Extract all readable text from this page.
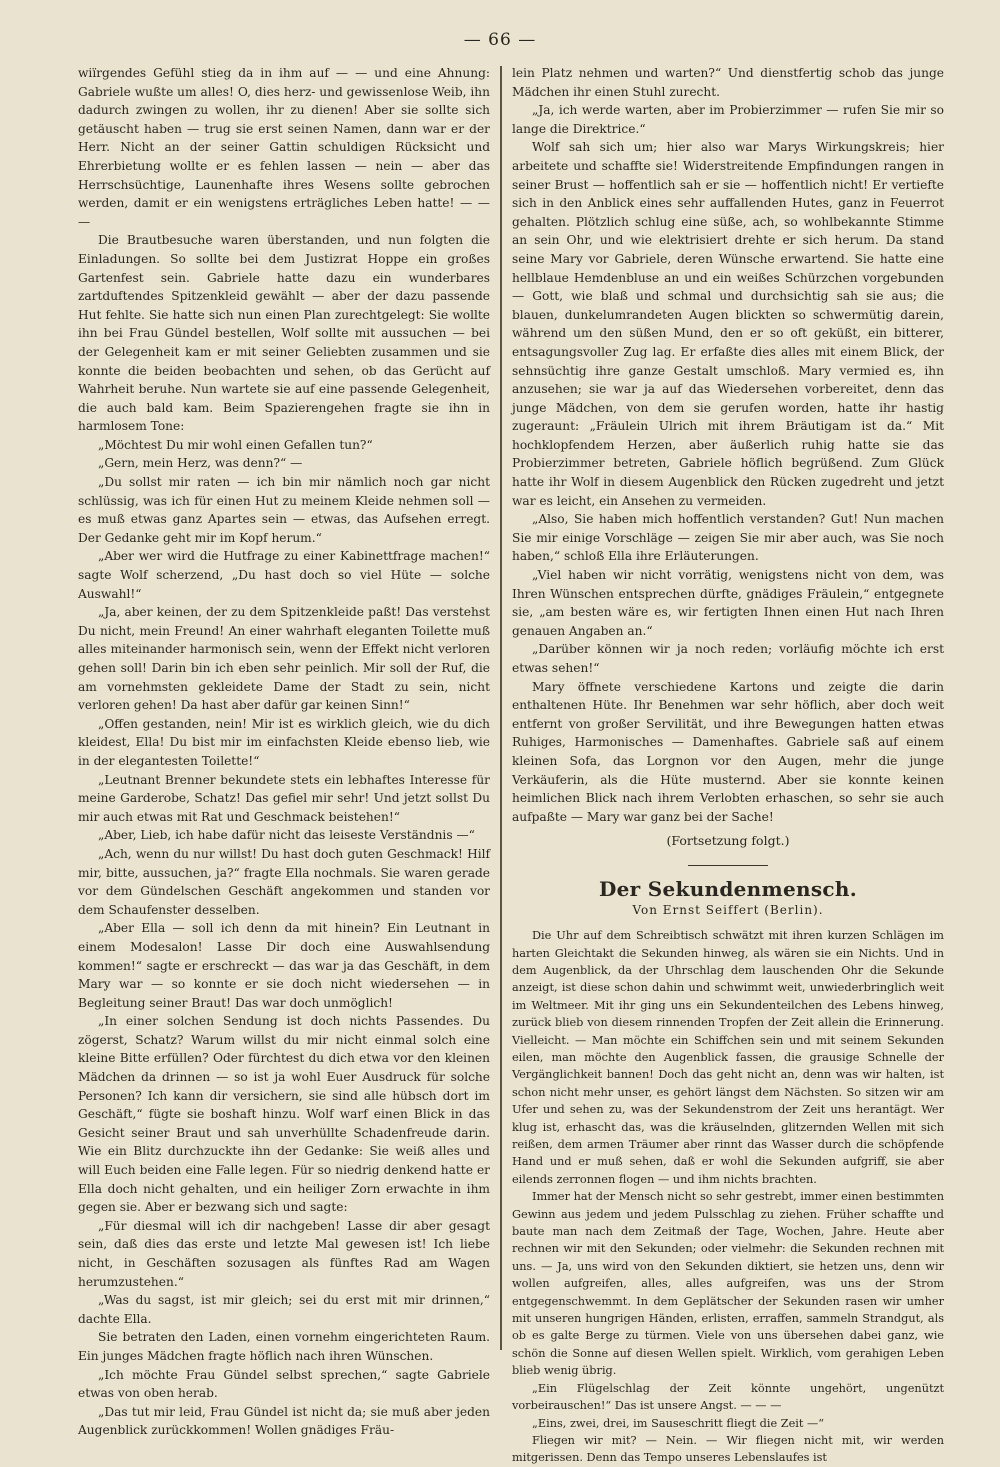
— 66 —

wiïrgendes Gefühl stieg da in ihm auf — — und eine Ahnung: Gabriele wußte um alles! O, dies herz- und gewissenlose Weib, ihn dadurch zwingen zu wollen, ihr zu dienen! Aber sie sollte sich getäuscht haben — trug sie erst seinen Namen, dann war er der Herr. Nicht an der seiner Gattin schuldigen Rücksicht und Ehrerbietung wollte er es fehlen lassen — nein — aber das Herrschsüchtige, Launenhafte ihres Wesens sollte gebrochen werden, damit er ein wenigstens erträgliches Leben hatte! — — —

Die Brautbesuche waren überstanden, und nun folgten die Einladungen. So sollte bei dem Justizrat Hoppe ein großes Gartenfest sein. Gabriele hatte dazu ein wunderbares zartduftendes Spitzenkleid gewählt — aber der dazu passende Hut fehlte. Sie hatte sich nun einen Plan zurechtgelegt: Sie wollte ihn bei Frau Gündel bestellen, Wolf sollte mit aussuchen — bei der Gelegenheit kam er mit seiner Geliebten zusammen und sie konnte die beiden beobachten und sehen, ob das Gerücht auf Wahrheit beruhe. Nun wartete sie auf eine passende Gelegenheit, die auch bald kam. Beim Spazierengehen fragte sie ihn in harmlosem Tone:

„Möchtest Du mir wohl einen Gefallen tun?“

„Gern, mein Herz, was denn?“ —

„Du sollst mir raten — ich bin mir nämlich noch gar nicht schlüssig, was ich für einen Hut zu meinem Kleide nehmen soll — es muß etwas ganz Apartes sein — etwas, das Aufsehen erregt. Der Gedanke geht mir im Kopf herum.“

„Aber wer wird die Hutfrage zu einer Kabinettfrage machen!“ sagte Wolf scherzend, „Du hast doch so viel Hüte — solche Auswahl!“

„Ja, aber keinen, der zu dem Spitzenkleide paßt! Das verstehst Du nicht, mein Freund! An einer wahrhaft eleganten Toilette muß alles miteinander harmonisch sein, wenn der Effekt nicht verloren gehen soll! Darin bin ich eben sehr peinlich. Mir soll der Ruf, die am vornehmsten gekleidete Dame der Stadt zu sein, nicht verloren gehen! Da hast aber dafür gar keinen Sinn!“

„Offen gestanden, nein! Mir ist es wirklich gleich, wie du dich kleidest, Ella! Du bist mir im einfachsten Kleide ebenso lieb, wie in der elegantesten Toilette!“

„Leutnant Brenner bekundete stets ein lebhaftes Interesse für meine Garderobe, Schatz! Das gefiel mir sehr! Und jetzt sollst Du mir auch etwas mit Rat und Geschmack beistehen!“

„Aber, Lieb, ich habe dafür nicht das leiseste Verständnis —“

„Ach, wenn du nur willst! Du hast doch guten Geschmack! Hilf mir, bitte, aussuchen, ja?“ fragte Ella nochmals. Sie waren gerade vor dem Gündelschen Geschäft angekommen und standen vor dem Schaufenster desselben.

„Aber Ella — soll ich denn da mit hinein? Ein Leutnant in einem Modesalon! Lasse Dir doch eine Auswahlsendung kommen!“ sagte er erschreckt — das war ja das Geschäft, in dem Mary war — so konnte er sie doch nicht wiedersehen — in Begleitung seiner Braut! Das war doch unmöglich!

„In einer solchen Sendung ist doch nichts Passendes. Du zögerst, Schatz? Warum willst du mir nicht einmal solch eine kleine Bitte erfüllen? Oder fürchtest du dich etwa vor den kleinen Mädchen da drinnen — so ist ja wohl Euer Ausdruck für solche Personen? Ich kann dir versichern, sie sind alle hübsch dort im Geschäft,“ fügte sie boshaft hinzu. Wolf warf einen Blick in das Gesicht seiner Braut und sah unverhüllte Schadenfreude darin. Wie ein Blitz durchzuckte ihn der Gedanke: Sie weiß alles und will Euch beiden eine Falle legen. Für so niedrig denkend hatte er Ella doch nicht gehalten, und ein heiliger Zorn erwachte in ihm gegen sie. Aber er bezwang sich und sagte:

„Für diesmal will ich dir nachgeben! Lasse dir aber gesagt sein, daß dies das erste und letzte Mal gewesen ist! Ich liebe nicht, in Geschäften sozusagen als fünftes Rad am Wagen herumzustehen.“

„Was du sagst, ist mir gleich; sei du erst mit mir drinnen,“ dachte Ella.

Sie betraten den Laden, einen vornehm eingerichteten Raum. Ein junges Mädchen fragte höflich nach ihren Wünschen.

„Ich möchte Frau Gündel selbst sprechen,“ sagte Gabriele etwas von oben herab.

„Das tut mir leid, Frau Gündel ist nicht da; sie muß aber jeden Augenblick zurückkommen! Wollen gnädiges Fräu-

lein Platz nehmen und warten?“ Und dienstfertig schob das junge Mädchen ihr einen Stuhl zurecht.

„Ja, ich werde warten, aber im Probierzimmer — rufen Sie mir so lange die Direktrice.“

Wolf sah sich um; hier also war Marys Wirkungskreis; hier arbeitete und schaffte sie! Widerstreitende Empfindungen rangen in seiner Brust — hoffentlich sah er sie — hoffentlich nicht! Er vertiefte sich in den Anblick eines sehr auffallenden Hutes, ganz in Feuerrot gehalten. Plötzlich schlug eine süße, ach, so wohlbekannte Stimme an sein Ohr, und wie elektrisiert drehte er sich herum. Da stand seine Mary vor Gabriele, deren Wünsche erwartend. Sie hatte eine hellblaue Hemdenbluse an und ein weißes Schürzchen vorgebunden — Gott, wie blaß und schmal und durchsichtig sah sie aus; die blauen, dunkelumrandeten Augen blickten so schwermütig darein, während um den süßen Mund, den er so oft geküßt, ein bitterer, entsagungsvoller Zug lag. Er erfaßte dies alles mit einem Blick, der sehnsüchtig ihre ganze Gestalt umschloß. Mary vermied es, ihn anzusehen; sie war ja auf das Wiedersehen vorbereitet, denn das junge Mädchen, von dem sie gerufen worden, hatte ihr hastig zugeraunt: „Fräulein Ulrich mit ihrem Bräutigam ist da.“ Mit hochklopfendem Herzen, aber äußerlich ruhig hatte sie das Probierzimmer betreten, Gabriele höflich begrüßend. Zum Glück hatte ihr Wolf in diesem Augenblick den Rücken zugedreht und jetzt war es leicht, ein Ansehen zu vermeiden.

„Also, Sie haben mich hoffentlich verstanden? Gut! Nun machen Sie mir einige Vorschläge — zeigen Sie mir aber auch, was Sie noch haben,“ schloß Ella ihre Erläuterungen.

„Viel haben wir nicht vorrätig, wenigstens nicht von dem, was Ihren Wünschen entsprechen dürfte, gnädiges Fräulein,“ entgegnete sie, „am besten wäre es, wir fertigten Ihnen einen Hut nach Ihren genauen Angaben an.“

„Darüber können wir ja noch reden; vorläufig möchte ich erst etwas sehen!“

Mary öffnete verschiedene Kartons und zeigte die darin enthaltenen Hüte. Ihr Benehmen war sehr höflich, aber doch weit entfernt von großer Servilität, und ihre Bewegungen hatten etwas Ruhiges, Harmonisches — Damenhaftes. Gabriele saß auf einem kleinen Sofa, das Lorgnon vor den Augen, mehr die junge Verkäuferin, als die Hüte musternd. Aber sie konnte keinen heimlichen Blick nach ihrem Verlobten erhaschen, so sehr sie auch aufpaßte — Mary war ganz bei der Sache!

(Fortsetzung folgt.)
Der Sekundenmensch.
Von Ernst Seiffert (Berlin).

Die Uhr auf dem Schreibtisch schwätzt mit ihren kurzen Schlägen im harten Gleichtakt die Sekunden hinweg, als wären sie ein Nichts. Und in dem Augenblick, da der Uhrschlag dem lauschenden Ohr die Sekunde anzeigt, ist diese schon dahin und schwimmt weit, unwiederbringlich weit im Weltmeer. Mit ihr ging uns ein Sekundenteilchen des Lebens hinweg, zurück blieb von diesem rinnenden Tropfen der Zeit allein die Erinnerung. Vielleicht. — Man möchte ein Schiffchen sein und mit seinem Sekunden eilen, man möchte den Augenblick fassen, die grausige Schnelle der Vergänglichkeit bannen! Doch das geht nicht an, denn was wir halten, ist schon nicht mehr unser, es gehört längst dem Nächsten. So sitzen wir am Ufer und sehen zu, was der Sekundenstrom der Zeit uns herantägt. Wer klug ist, erhascht das, was die kräuselnden, glitzernden Wellen mit sich reißen, dem armen Träumer aber rinnt das Wasser durch die schöpfende Hand und er muß sehen, daß er wohl die Sekunden aufgriff, sie aber eilends zerronnen flogen — und ihm nichts brachten.

Immer hat der Mensch nicht so sehr gestrebt, immer einen bestimmten Gewinn aus jedem und jedem Pulsschlag zu ziehen. Früher schaffte und baute man nach dem Zeitmaß der Tage, Wochen, Jahre. Heute aber rechnen wir mit den Sekunden; oder vielmehr: die Sekunden rechnen mit uns. — Ja, uns wird von den Sekunden diktiert, sie hetzen uns, denn wir wollen aufgreifen, alles, alles aufgreifen, was uns der Strom entgegenschwemmt. In dem Geplätscher der Sekunden rasen wir umher mit unseren hungrigen Händen, erlisten, erraffen, sammeln Strandgut, als ob es galte Berge zu türmen. Viele von uns übersehen dabei ganz, wie schön die Sonne auf diesen Wellen spielt. Wirklich, vom gerahigen Leben blieb wenig übrig.

„Ein Flügelschlag der Zeit könnte ungehört, ungenützt vorbeirauschen!“ Das ist unsere Angst. — — —

„Eins, zwei, drei, im Sauseschritt fliegt die Zeit —“

Fliegen wir mit? — Nein. — Wir fliegen nicht mit, wir werden mitgerissen. Denn das Tempo unseres Lebenslaufes ist
